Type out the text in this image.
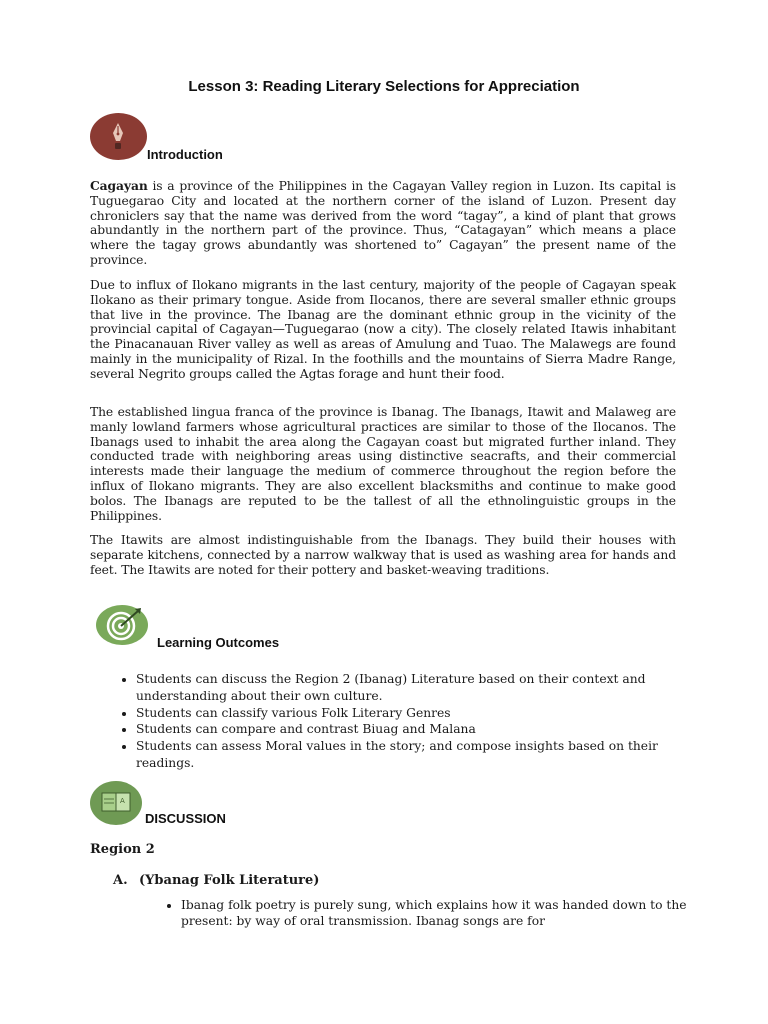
Lesson 3: Reading Literary Selections for Appreciation
Introduction

Cagayan is a province of the Philippines in the Cagayan Valley region in Luzon. Its capital is Tuguegarao City and located at the northern corner of the island of Luzon. Present day chroniclers say that the name was derived from the word “tagay”, a kind of plant that grows abundantly in the northern part of the province. Thus, “Catagayan” which means a place where the tagay grows abundantly was shortened to” Cagayan” the present name of the province.

Due to influx of Ilokano migrants in the last century, majority of the people of Cagayan speak Ilokano as their primary tongue. Aside from Ilocanos, there are several smaller ethnic groups that live in the province. The Ibanag are the dominant ethnic group in the vicinity of the provincial capital of Cagayan—Tuguegarao (now a city). The closely related Itawis inhabitant the Pinacanauan River valley as well as areas of Amulung and Tuao. The Malawegs are found mainly in the municipality of Rizal. In the foothills and the mountains of Sierra Madre Range, several Negrito groups called the Agtas forage and hunt their food.

The established lingua franca of the province is Ibanag. The Ibanags, Itawit and Malaweg are manly lowland farmers whose agricultural practices are similar to those of the Ilocanos. The Ibanags used to inhabit the area along the Cagayan coast but migrated further inland. They conducted trade with neighboring areas using distinctive seacrafts, and their commercial interests made their language the medium of commerce throughout the region before the influx of Ilokano migrants. They are also excellent blacksmiths and continue to make good bolos. The Ibanags are reputed to be the tallest of all the ethnolinguistic groups in the Philippines.

The Itawits are almost indistinguishable from the Ibanags. They build their houses with separate kitchens, connected by a narrow walkway that is used as washing area for hands and feet. The Itawits are noted for their pottery and basket-weaving traditions.

Learning Outcomes
• Students can discuss the Region 2 (Ibanag) Literature based on their context and understanding about their own culture.
• Students can classify various Folk Literary Genres
• Students can compare and contrast Biuag and Malana
• Students can assess Moral values in the story; and compose insights based on their readings.
A
DISCUSSION
Region 2
A. (Ybanag Folk Literature)
• Ibanag folk poetry is purely sung, which explains how it was handed down to the present: by way of oral transmission. Ibanag songs are for
